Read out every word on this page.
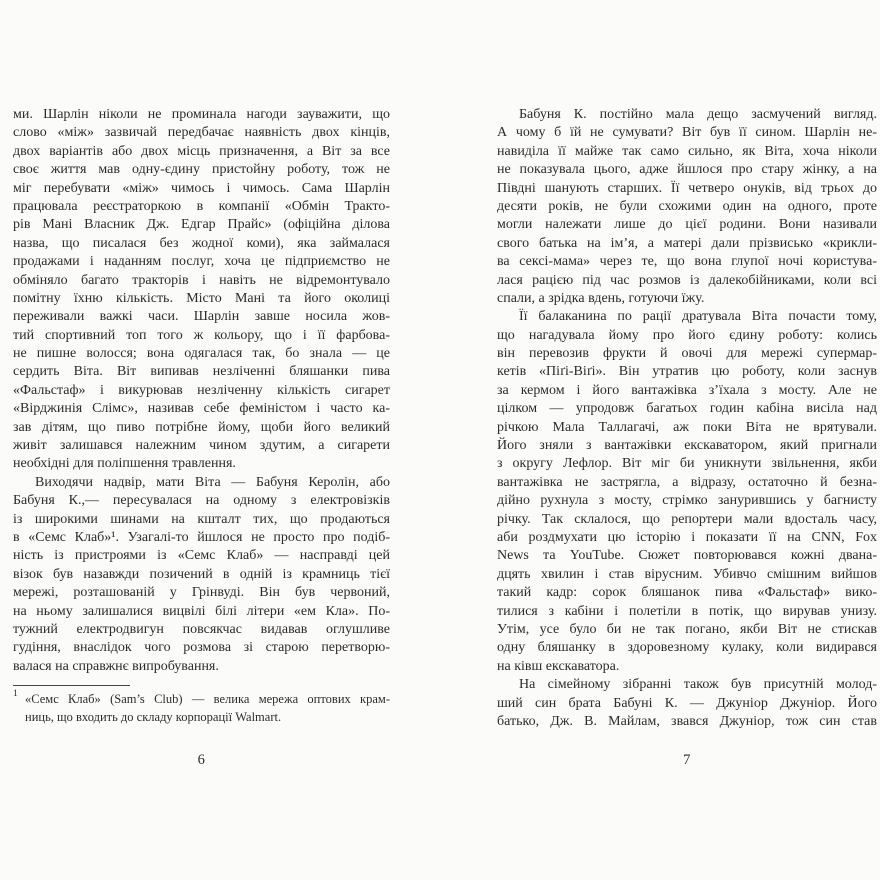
ми. Шарлін ніколи не проминала нагоди зауважити, що
слово «між» зазвичай передбачає наявність двох кінців,
двох варіантів або двох місць призначення, а Віт за все
своє життя мав одну-єдину пристойну роботу, тож не
міг перебувати «між» чимось і чимось. Сама Шарлін
працювала реєстраторкою в компанії «Обмін Тракто-
рів Мані Власник Дж. Едгар Прайс» (офіційна ділова
назва, що писалася без жодної коми), яка займалася
продажами і наданням послуг, хоча це підприємство не
обміняло багато тракторів і навіть не відремонтувало
помітну їхню кількість. Місто Мані та його околиці
переживали важкі часи. Шарлін завше носила жов-
тий спортивний топ того ж кольору, що і її фарбова-
не пишне волосся; вона одягалася так, бо знала — це
сердить Віта. Віт випивав незліченні бляшанки пива
«Фальстаф» і викурював незліченну кількість сигарет
«Вірджинія Слімс», називав себе феміністом і часто ка-
зав дітям, що пиво потрібне йому, щоби його великий
живіт залишався належним чином здутим, а сигарети
необхідні для поліпшення травлення.
Виходячи надвір, мати Віта — Бабуня Керолін, або
Бабуня К.,— пересувалася на одному з електровізків
із широкими шинами на кшталт тих, що продаються
в «Семс Клаб»¹. Узагалі-то йшлося не просто про подіб-
ність із пристроями із «Семс Клаб» — насправді цей
візок був назавжди позичений в одній із крамниць тієї
мережі, розташованій у Грінвуді. Він був червоний,
на ньому залишалися вицвілі білі літери «ем Кла». По-
тужний електродвигун повсякчас видавав оглушливе
гудіння, внаслідок чого розмова зі старою перетворю-
валася на справжнє випробування.
1 «Семс Клаб» (Sam’s Club) — велика мережа оптових крам-
ниць, що входить до складу корпорації Walmart.
6
Бабуня К. постійно мала дещо засмучений вигляд.
А чому б їй не сумувати? Віт був її сином. Шарлін не-
навиділа її майже так само сильно, як Віта, хоча ніколи
не показувала цього, адже йшлося про стару жінку, а на
Півдні шанують старших. Її четверо онуків, від трьох до
десяти років, не були схожими один на одного, проте
могли належати лише до цієї родини. Вони називали
свого батька на ім’я, а матері дали прізвисько «крикли-
ва сексі-мама» через те, що вона глупої ночі користува-
лася рацією під час розмов із далекобійниками, коли всі
спали, а зрідка вдень, готуючи їжу.
Її балаканина по рації дратувала Віта почасти тому,
що нагадувала йому про його єдину роботу: колись
він перевозив фрукти й овочі для мережі супермар-
кетів «Піґі-Віґі». Він утратив цю роботу, коли заснув
за кермом і його вантажівка з’їхала з мосту. Але не
цілком — упродовж багатьох годин кабіна висіла над
річкою Мала Таллагачі, аж поки Віта не врятували.
Його зняли з вантажівки екскаватором, який пригнали
з округу Лефлор. Віт міг би уникнути звільнення, якби
вантажівка не застрягла, а відразу, остаточно й безна-
дійно рухнула з мосту, стрімко занурившись у багнисту
річку. Так склалося, що репортери мали вдосталь часу,
аби роздмухати цю історію і показати її на CNN, Fox
News та YouTube. Сюжет повторювався кожні двана-
дцять хвилин і став вірусним. Убивчо смішним вийшов
такий кадр: сорок бляшанок пива «Фальстаф» вико-
тилися з кабіни і полетіли в потік, що вирував унизу.
Утім, усе було би не так погано, якби Віт не стискав
одну бляшанку в здоровезному кулаку, коли видирався
на ківш екскаватора.
На сімейному зібранні також був присутній молод-
ший син брата Бабуні К. — Джуніор Джуніор. Його
батько, Дж. В. Майлам, звався Джуніор, тож син став
7
